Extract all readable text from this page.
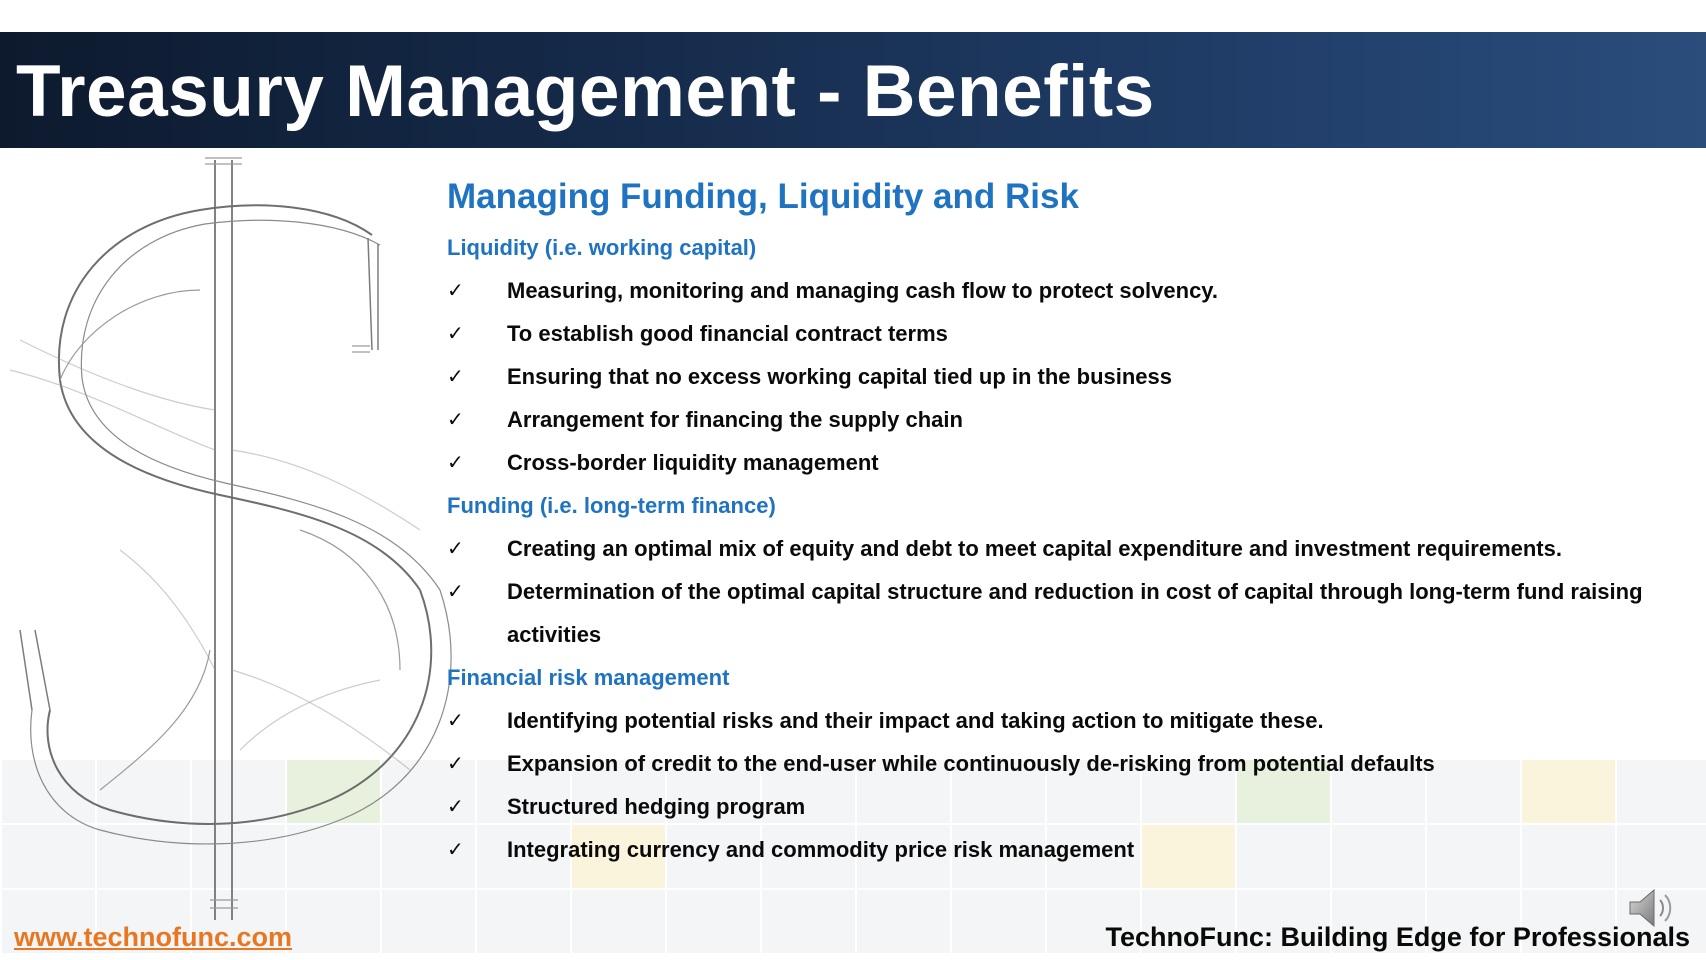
Treasury Management - Benefits
Managing Funding, Liquidity and Risk
Liquidity (i.e. working capital)
✓ Measuring, monitoring and managing cash flow to protect solvency.
✓ To establish good financial contract terms
✓ Ensuring that no excess working capital tied up in the business
✓ Arrangement for financing the supply chain
✓ Cross-border liquidity management
Funding (i.e. long-term finance)
✓ Creating an optimal mix of equity and debt to meet capital expenditure and investment requirements.
✓ Determination of the optimal capital structure and reduction in cost of capital through long-term fund raising activities
Financial risk management
✓ Identifying potential risks and their impact and taking action to mitigate these.
✓ Expansion of credit to the end-user while continuously de-risking from potential defaults
✓ Structured hedging program
✓ Integrating currency and commodity price risk management
www.technofunc.com	TechnoFunc: Building Edge for Professionals
